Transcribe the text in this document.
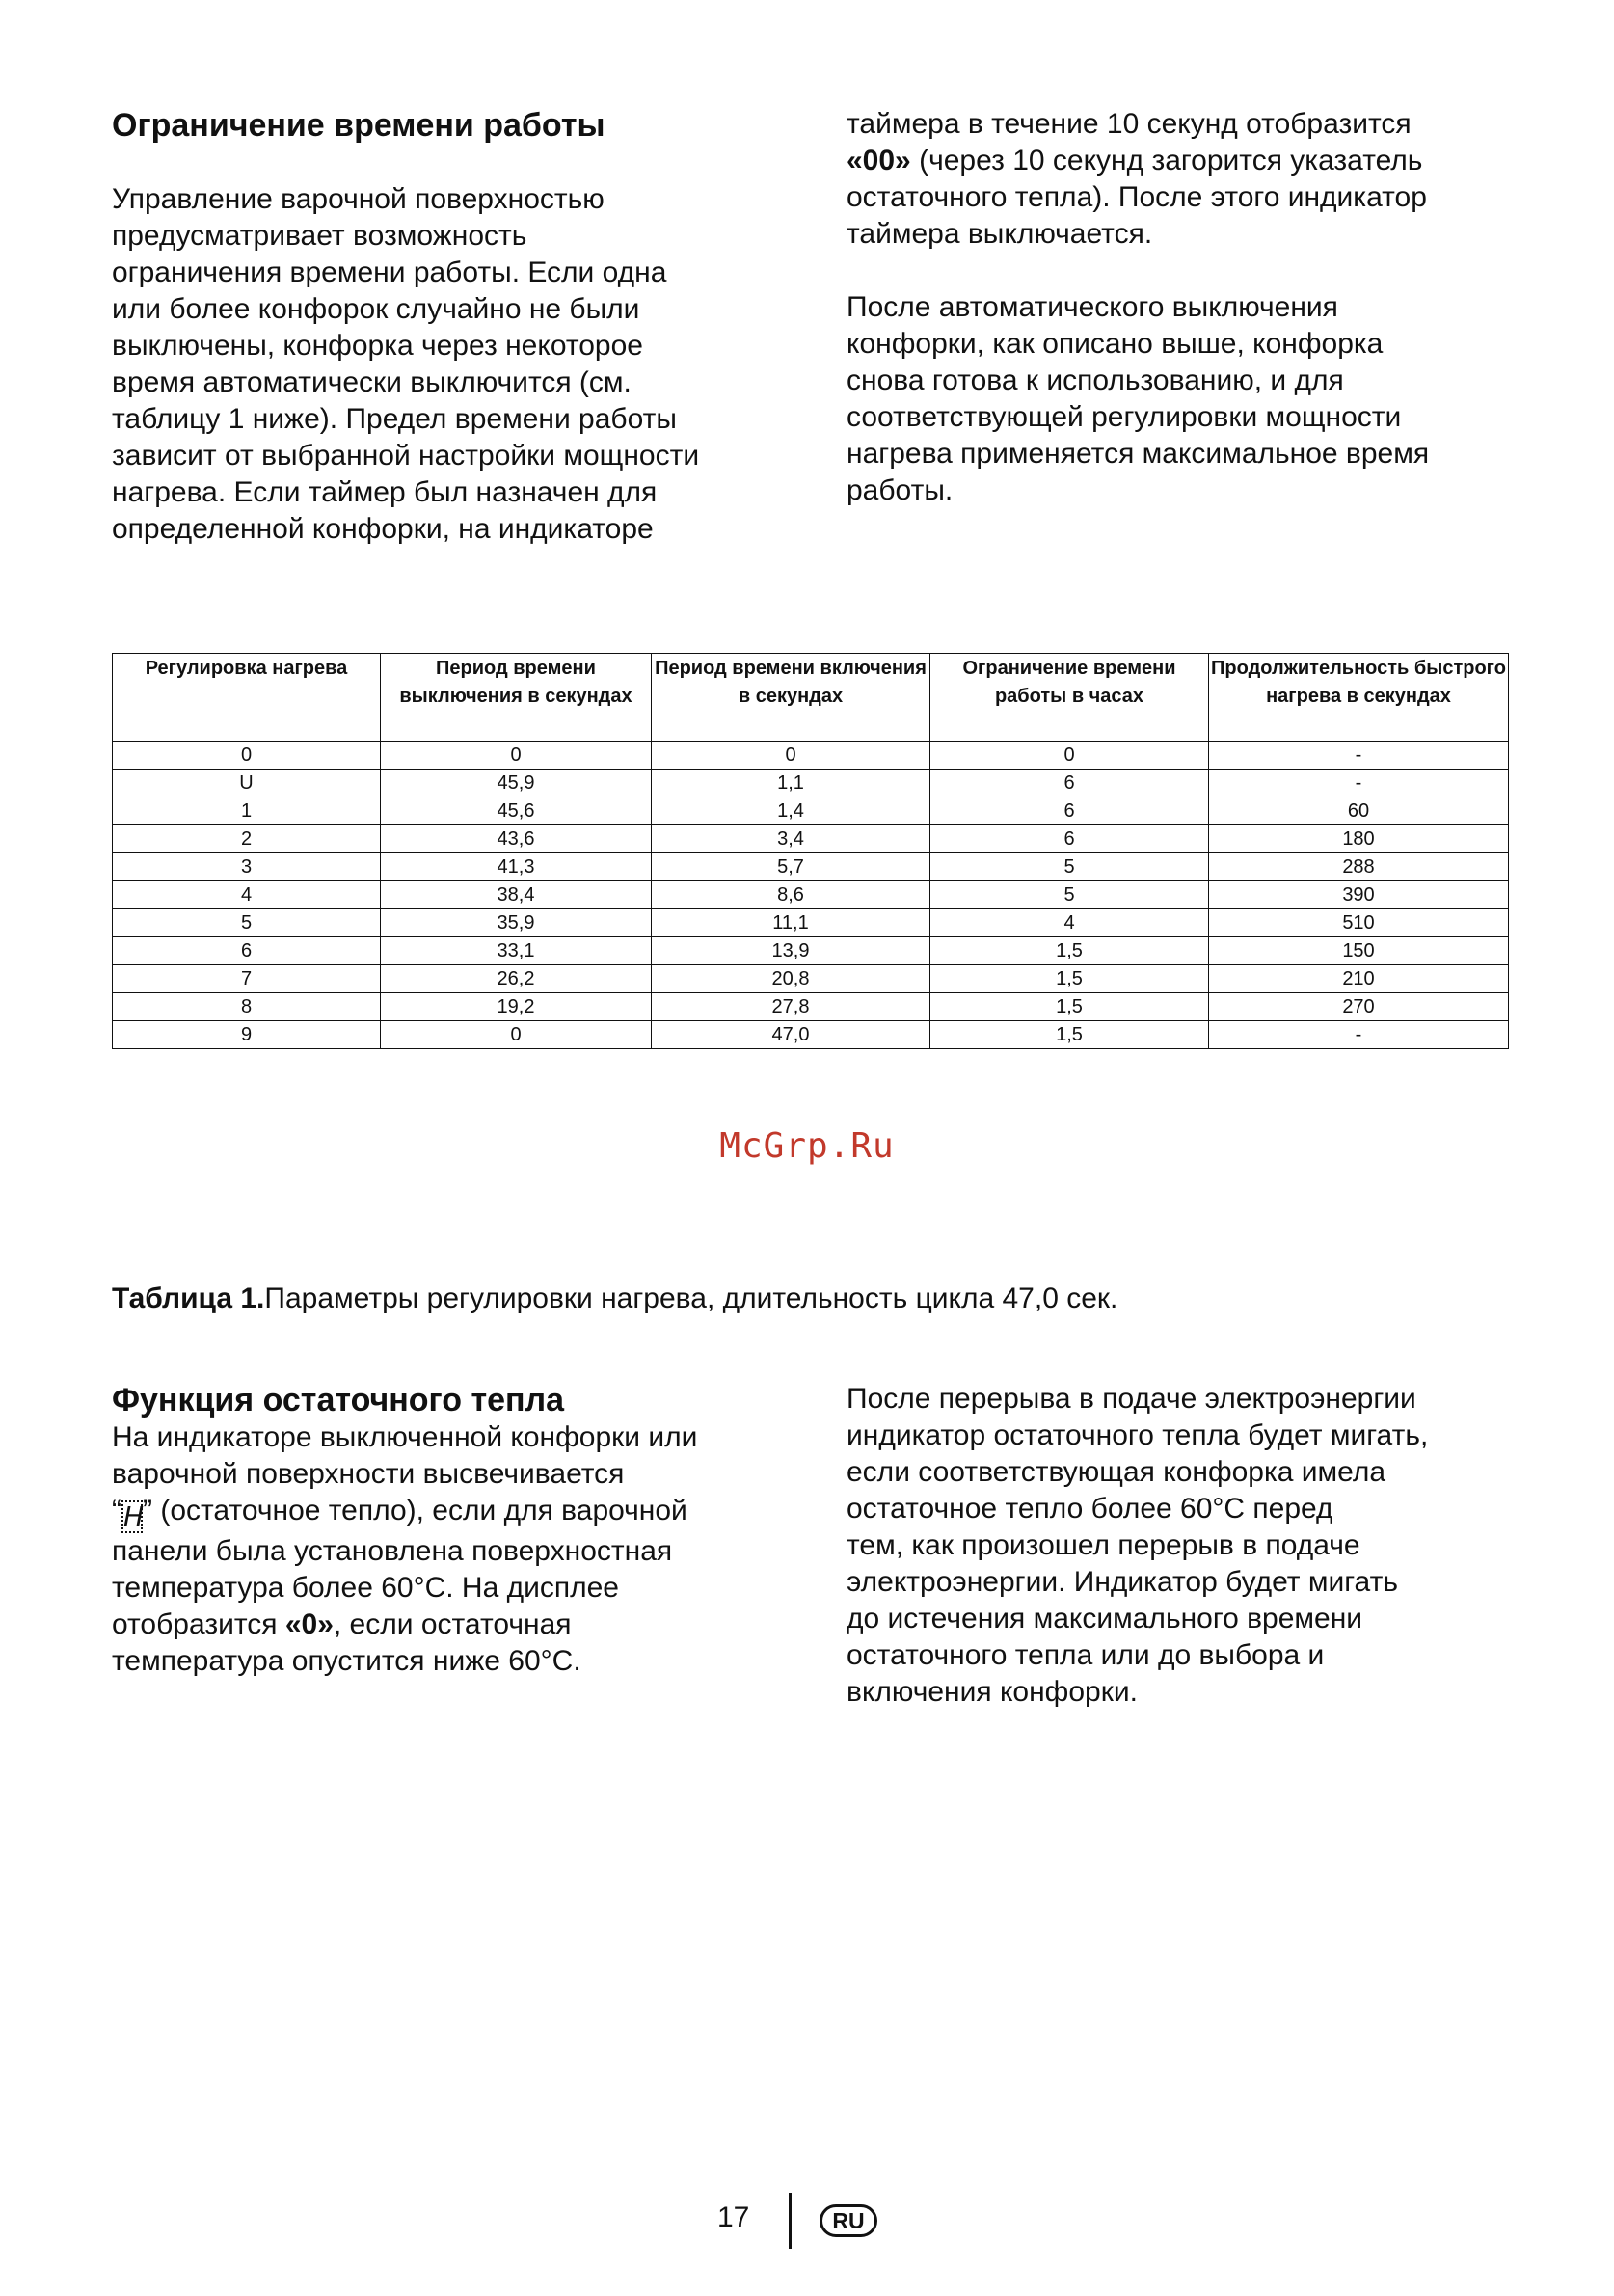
Ограничение времени работы
Управление варочной поверхностью
предусматривает возможность
ограничения времени работы. Если одна
или более конфорок случайно не были
выключены, конфорка через некоторое
время автоматически выключится (см.
таблицу 1 ниже). Предел времени работы
зависит от выбранной настройки мощности
нагрева. Если таймер был назначен для
определенной конфорки, на индикаторе
таймера в течение 10 секунд отобразится
«00» (через 10 секунд загорится указатель
остаточного тепла). После этого индикатор
таймера выключается.
После автоматического выключения
конфорки, как описано выше, конфорка
снова готова к использованию, и для
соответствующей регулировки мощности
нагрева применяется максимальное время
работы.
Регулировка нагрева	Период времени выключения в секундах	Период времени включения в секундах	Ограничение времени работы в часах	Продолжительность быстрого нагрева в секундах
0	0	0	0	-
U	45,9	1,1	6	-
1	45,6	1,4	6	60
2	43,6	3,4	6	180
3	41,3	5,7	5	288
4	38,4	8,6	5	390
5	35,9	11,1	4	510
6	33,1	13,9	1,5	150
7	26,2	20,8	1,5	210
8	19,2	27,8	1,5	270
9	0	47,0	1,5	-
McGrp.Ru
Таблица 1.Параметры регулировки нагрева, длительность цикла 47,0 сек.
Функция остаточного тепла
На индикаторе выключенной конфорки или
варочной поверхности высвечивается
“H” (остаточное тепло), если для варочной
панели была установлена поверхностная
температура более 60°С. На дисплее
отобразится «0», если остаточная
температура опустится ниже 60°С.
После перерыва в подаче электроэнергии
индикатор остаточного тепла будет мигать,
если соответствующая конфорка имела
остаточное тепло более 60°С перед
тем, как произошел перерыв в подаче
электроэнергии. Индикатор будет мигать
до истечения максимального времени
остаточного тепла или до выбора и
включения конфорки.
17	RU
